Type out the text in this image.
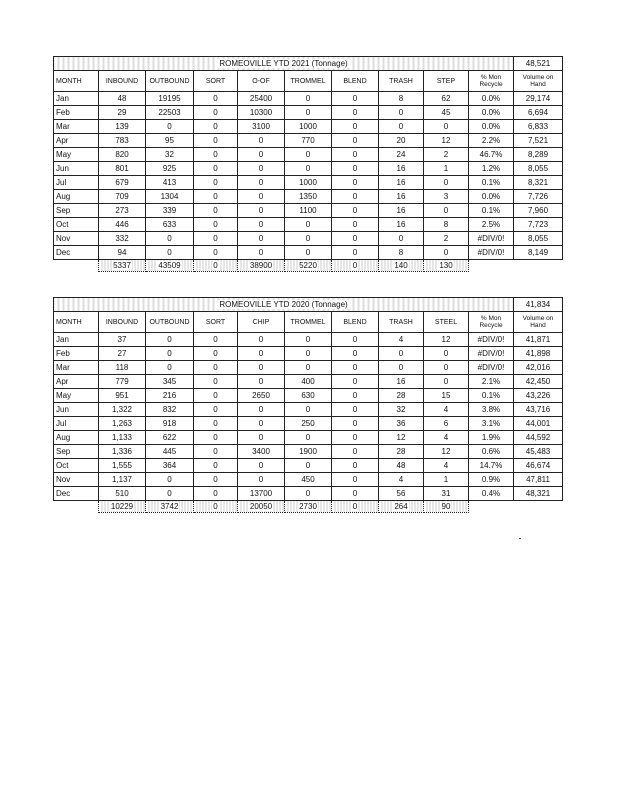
ROMEOVILLE YTD 2021 (Tonnage)										48,521
MONTH	INBOUND	OUTBOUND	SORT	O-OF	TROMMEL	BLEND	TRASH	STEP	% Mon Recycle	Volume on Hand
Jan	48	19195	0	25400	0	0	8	62	0.0%	29,174
Feb	29	22503	0	10300	0	0	0	45	0.0%	6,694
Mar	139	0	0	3100	1000	0	0	0	0.0%	6,833
Apr	783	95	0	0	770	0	20	12	2.2%	7,521
May	820	32	0	0	0	0	24	2	46.7%	8,289
Jun	801	925	0	0	0	0	16	1	1.2%	8,055
Jul	679	413	0	0	1000	0	16	0	0.1%	8,321
Aug	709	1304	0	0	1350	0	16	3	0.0%	7,726
Sep	273	339	0	0	1100	0	16	0	0.1%	7,960
Oct	446	633	0	0	0	0	16	8	2.5%	7,723
Nov	332	0	0	0	0	0	0	2	#DIV/0!	8,055
Dec	94	0	0	0	0	0	8	0	#DIV/0!	8,149
	5337	43509	0	38900	5220	0	140	130		
ROMEOVILLE YTD 2020 (Tonnage)										41,834
MONTH	INBOUND	OUTBOUND	SORT	CHIP	TROMMEL	BLEND	TRASH	STEEL	% Mon Recycle	Volume on Hand
Jan	37	0	0	0	0	0	4	12	#DIV/0!	41,871
Feb	27	0	0	0	0	0	0	0	#DIV/0!	41,898
Mar	118	0	0	0	0	0	0	0	#DIV/0!	42,016
Apr	779	345	0	0	400	0	16	0	2.1%	42,450
May	951	216	0	2650	630	0	28	15	0.1%	43,226
Jun	1,322	832	0	0	0	0	32	4	3.8%	43,716
Jul	1,263	918	0	0	250	0	36	6	3.1%	44,001
Aug	1,133	622	0	0	0	0	12	4	1.9%	44,592
Sep	1,336	445	0	3400	1900	0	28	12	0.6%	45,483
Oct	1,555	364	0	0	0	0	48	4	14.7%	46,674
Nov	1,137	0	0	0	450	0	4	1	0.9%	47,811
Dec	510	0	0	13700	0	0	56	31	0.4%	48,321
	10229	3742	0	20050	2730	0	264	90		
